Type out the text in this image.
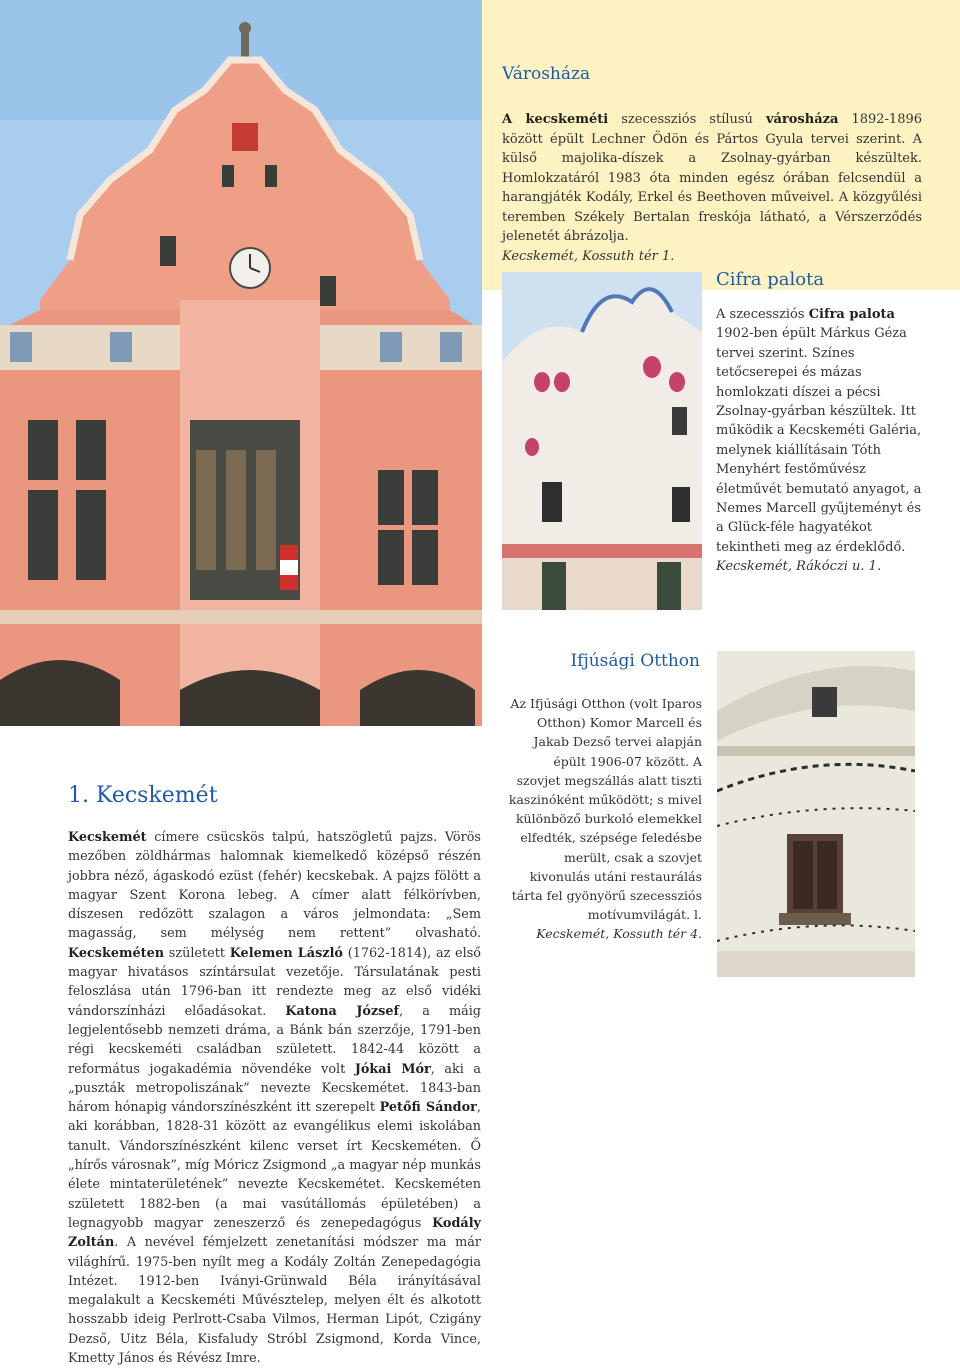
Városháza

A kecskeméti szecessziós stílusú városháza 1892-1896 között épült Lechner Ödön és Pártos Gyula tervei szerint. A külső majolika-díszek a Zsolnay-gyárban készültek. Homlokzatáról 1983 óta minden egész órában felcsendül a harangjáték Kodály, Erkel és Beethoven műveivel. A közgyűlési teremben Székely Bertalan freskója látható, a Vérszerződés jelenetét ábrázolja.

Kecskemét, Kossuth tér 1.

Cifra palota

A szecessziós Cifra palota 1902-ben épült Márkus Géza tervei szerint. Színes tetőcserepei és mázas homlokzati díszei a pécsi Zsolnay-gyárban készültek. Itt működik a Kecskeméti Galéria, melynek kiállításain Tóth Menyhért festőművész életművét bemutató anyagot, a Nemes Marcell gyűjteményt és a Glück-féle hagyatékot tekintheti meg az érdeklődő.

Kecskemét, Rákóczi u. 1.

Ifjúsági Otthon

Az Ifjúsági Otthon (volt Iparos Otthon) Komor Marcell és Jakab Dezső tervei alapján épült 1906-07 között. A szovjet megszállás alatt tiszti kaszinóként működött; s mivel különböző burkoló elemekkel elfedték, szépsége feledésbe merült, csak a szovjet kivonulás utáni restaurálás tárta fel gyönyörű szecessziós motívumvilágát. l.

Kecskemét, Kossuth tér 4.

1. Kecskemét

Kecskemét címere csücskös talpú, hatszögletű pajzs. Vörös mezőben zöldhármas halomnak kiemelkedő középső részén jobbra néző, ágaskodó ezüst (fehér) kecskebak. A pajzs fölött a magyar Szent Korona lebeg. A címer alatt félkörívben, díszesen redőzött szalagon a város jelmondata: „Sem magasság, sem mélység nem rettent” olvasható. Kecskeméten született Kelemen László (1762-1814), az első magyar hivatásos színtársulat vezetője. Társulatának pesti feloszlása után 1796-ban itt rendezte meg az első vidéki vándorszínházi előadásokat. Katona József, a máig legjelentősebb nemzeti dráma, a Bánk bán szerzője, 1791-ben régi kecskeméti családban született. 1842-44 között a református jogakadémia növendéke volt Jókai Mór, aki a „puszták metropoliszának” nevezte Kecskemétet. 1843-ban három hónapig vándorszínészként itt szerepelt Petőfi Sándor, aki korábban, 1828-31 között az evangélikus elemi iskolában tanult. Vándorszínészként kilenc verset írt Kecskeméten. Ő „hírős városnak”, míg Móricz Zsigmond „a magyar nép munkás élete mintaterületének” nevezte Kecskemétet. Kecskeméten született 1882-ben (a mai vasútállomás épületében) a legnagyobb magyar zeneszerző és zenepedagógus Kodály Zoltán. A nevével fémjelzett zenetanítási módszer ma már világhírű. 1975-ben nyílt meg a Kodály Zoltán Zenepedagógia Intézet. 1912-ben Iványi-Grünwald Béla irányításával megalakult a Kecskeméti Művésztelep, melyen élt és alkotott hosszabb ideig Perlrott-Csaba Vilmos, Herman Lipót, Czigány Dezső, Uitz Béla, Kisfaludy Stróbl Zsigmond, Korda Vince, Kmetty János és Révész Imre.
